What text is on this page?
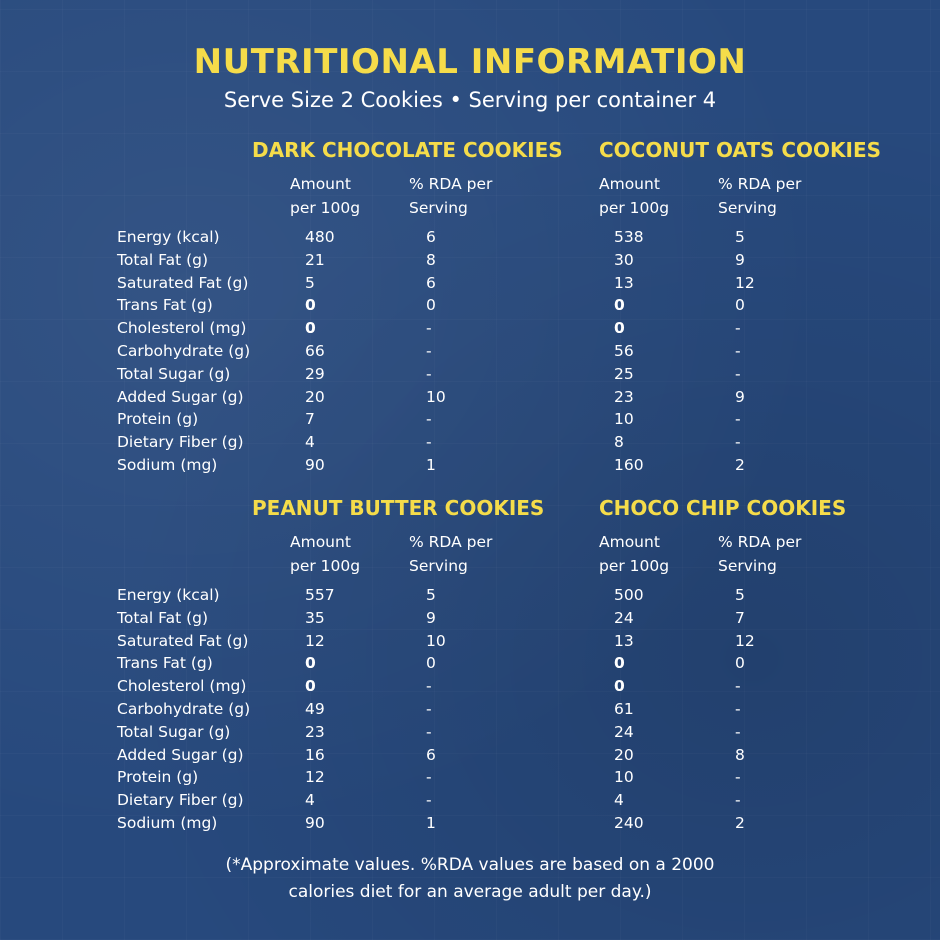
NUTRITIONAL INFORMATION
Serve Size 2 Cookies • Serving per container 4
DARK CHOCOLATE COOKIES COCONUT OATS COOKIES
Amount
per 100g
% RDA per
Serving
Amount
per 100g
% RDA per
Serving
Energy (kcal)
Total Fat (g)
Saturated Fat (g)
Trans Fat (g)
Cholesterol (mg)
Carbohydrate (g)
Total Sugar (g)
Added Sugar (g)
Protein (g)
Dietary Fiber (g)
Sodium (mg)
480
21
5
0
0
66
29
20
7
4
90
6
8
6
0
-
-
-
10
-
-
1
538
30
13
0
0
56
25
23
10
8
160
5
9
12
0
-
-
-
9
-
-
2
PEANUT BUTTER COOKIES	CHOCO CHIP COOKIES
Amount
per 100g
% RDA per
Serving
Amount
per 100g
% RDA per
Serving
Energy (kcal)
Total Fat (g)
Saturated Fat (g)
Trans Fat (g)
Cholesterol (mg)
Carbohydrate (g)
Total Sugar (g)
Added Sugar (g)
Protein (g)
Dietary Fiber (g)
Sodium (mg)
557
35
12
0
0
49
23
16
12
4
90
5
9
10
0
-
-
-
6
-
-
1
500
24
13
0
0
61
24
20
10
4
240
5
7
12
0
-
-
-
8
-
-
2
(*Approximate values. %RDA values are based on a 2000
calories diet for an average adult per day.)
